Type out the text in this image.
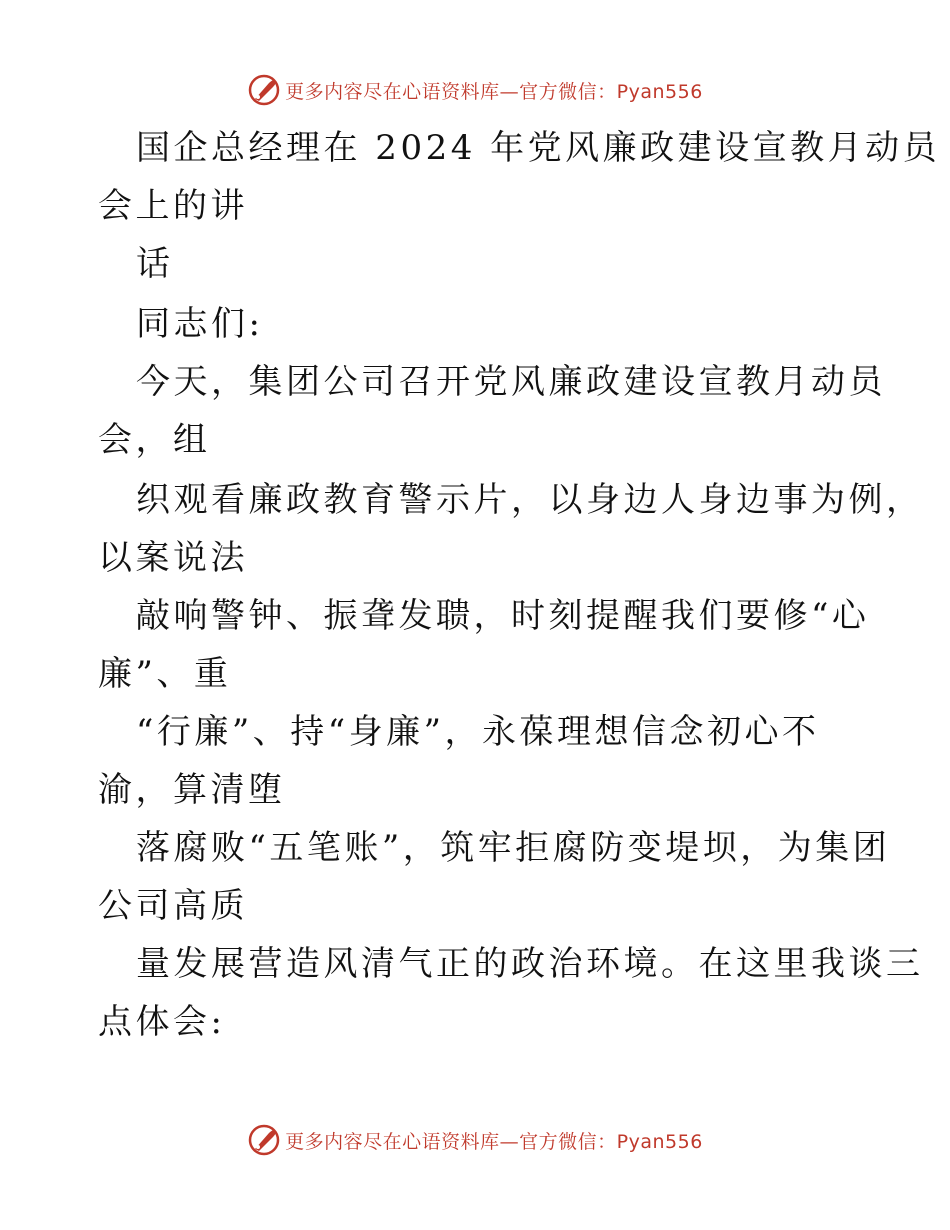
更多内容尽在心语资料库—官方微信：Pyan556
国企总经理在 2024 年党风廉政建设宣教月动员
会上的讲
话
同志们:
今天，集团公司召开党风廉政建设宣教月动员
会，组
织观看廉政教育警示片，以身边人身边事为例，
以案说法
敲响警钟、振聋发聩，时刻提醒我们要修“心
廉”、重
“行廉”、持“身廉”，永葆理想信念初心不
渝，算清堕
落腐败“五笔账”，筑牢拒腐防变堤坝，为集团
公司高质
量发展营造风清气正的政治环境。在这里我谈三
点体会:
更多内容尽在心语资料库—官方微信：Pyan556
